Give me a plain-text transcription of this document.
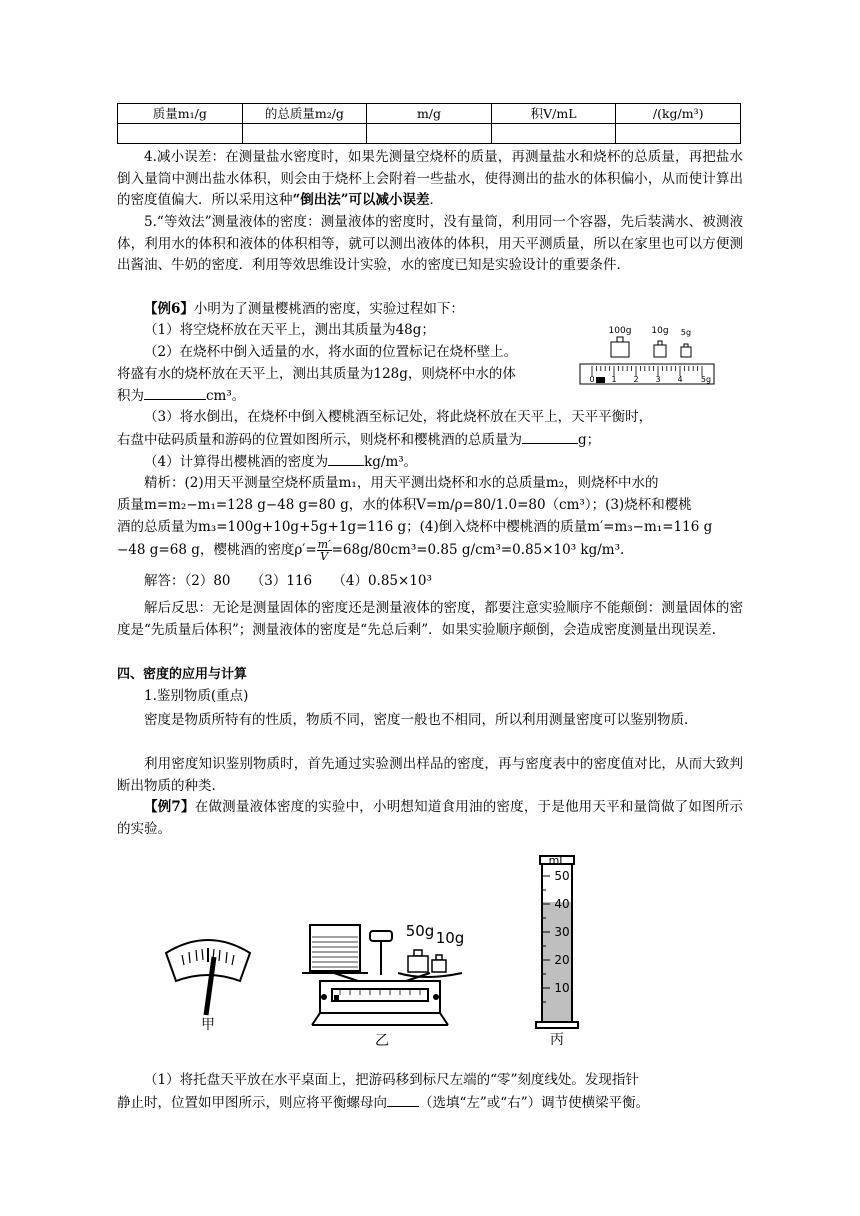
质量m₁/g	的总质量m₂/g	m/g	积V/mL	/(kg/m³)

4.减小误差：在测量盐水密度时，如果先测量空烧杯的质量，再测量盐水和烧杯的总质量，再把盐水倒入量筒中测出盐水体积，则会由于烧杯上会附着一些盐水，使得测出的盐水的体积偏小，从而使计算出的密度值偏大．所以采用这种“倒出法”可以减小误差．

5.“等效法”测量液体的密度：测量液体的密度时，没有量筒，利用同一个容器，先后装满水、被测液体，利用水的体积和液体的体积相等，就可以测出液体的体积，用天平测质量，所以在家里也可以方便测出酱油、牛奶的密度．利用等效思维设计实验，水的密度已知是实验设计的重要条件．

【例6】小明为了测量樱桃酒的密度，实验过程如下：

（1）将空烧杯放在天平上，测出其质量为48g；

（2）在烧杯中倒入适量的水，将水面的位置标记在烧杯壁上。

将盛有水的烧杯放在天平上，测出其质量为128g，则烧杯中水的体

积为	cm³。

100g 10g 5g
0 1 2 3 4 5g

（3）将水倒出，在烧杯中倒入樱桃酒至标记处，将此烧杯放在天平上，天平平衡时，

右盘中砝码质量和游码的位置如图所示，则烧杯和樱桃酒的总质量为	g；

（4）计算得出樱桃酒的密度为	kg/m³。

精析：(2)用天平测量空烧杯质量m₁，用天平测出烧杯和水的总质量m₂，则烧杯中水的

质量m=m₂−m₁=128 g−48 g=80 g，水的体积V=m/ρ=80/1.0=80（cm³）；(3)烧杯和樱桃

酒的总质量为m₃=100g+10g+5g+1g=116 g；(4)倒入烧杯中樱桃酒的质量m′=m₃−m₁=116 g

−48 g=68 g，樱桃酒的密度$\rho'= \frac{m'}{V} =68g/80cm^3=0.85$ g/cm³=0.85×10³ kg/m³.

解答：（2）80　　（3）116　　（4）0.85×10³

解后反思：无论是测量固体的密度还是测量液体的密度，都要注意实验顺序不能颠倒：测量固体的密度是“先质量后体积”；测量液体的密度是“先总后剩”．如果实验顺序颠倒，会造成密度测量出现误差.

四、密度的应用与计算

1.鉴别物质(重点)

密度是物质所特有的性质，物质不同，密度一般也不相同，所以利用测量密度可以鉴别物质．

利用密度知识鉴别物质时，首先通过实验测出样品的密度，再与密度表中的密度值对比，从而大致判断出物质的种类.

【例7】在做测量液体密度的实验中，小明想知道食用油的密度，于是他用天平和量筒做了如图所示的实验。

甲
50g 10g
乙
mL
50
40
30
20
10
丙

（1）将托盘天平放在水平桌面上，把游码移到标尺左端的“零”刻度线处。发现指针

静止时，位置如甲图所示，则应将平衡螺母向 （选填“左”或“右”）调节使横梁平衡。
